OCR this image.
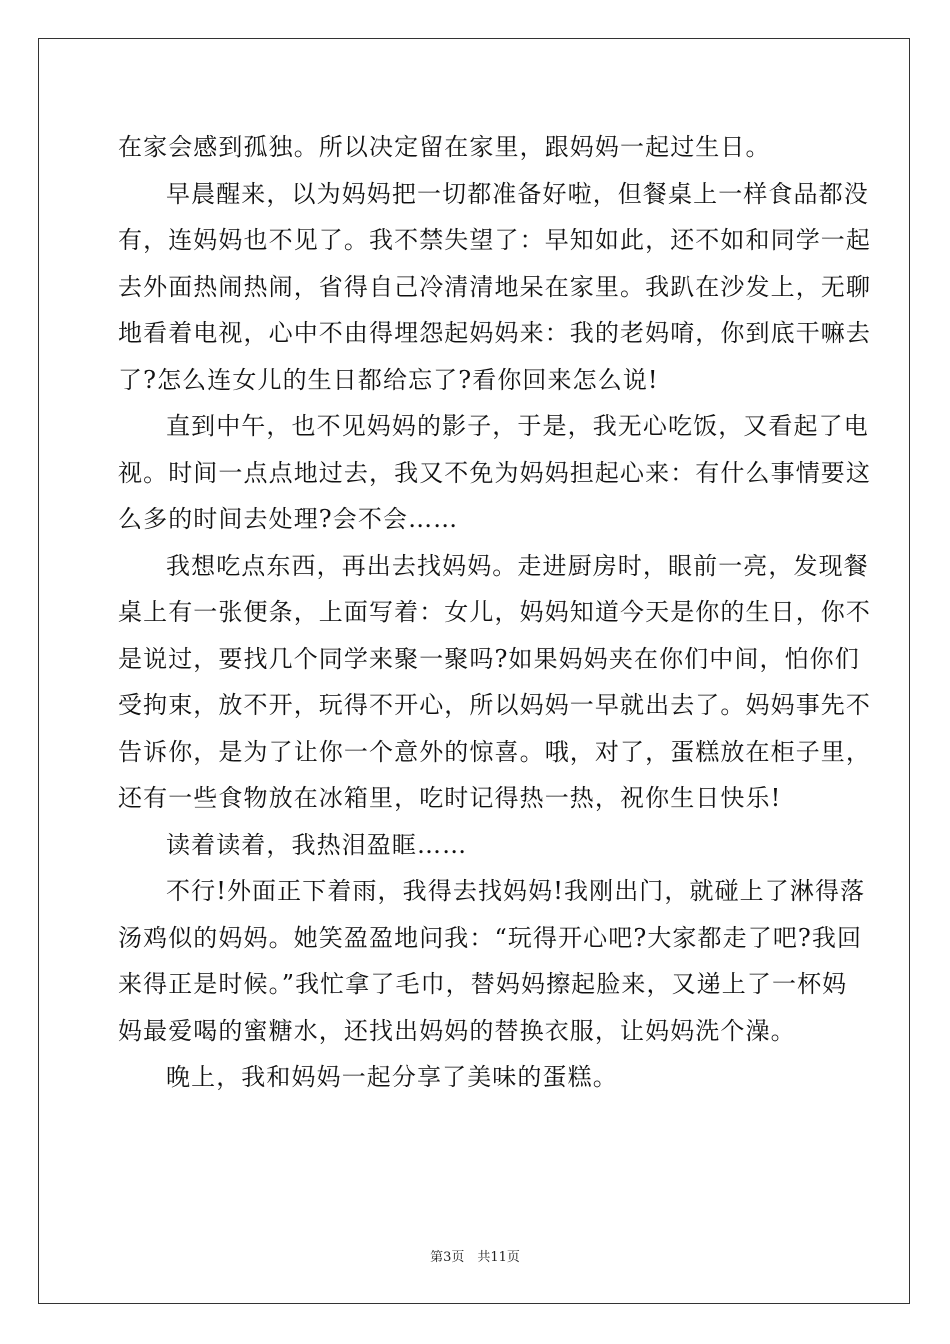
在家会感到孤独。所以决定留在家里，跟妈妈一起过生日。
早晨醒来，以为妈妈把一切都准备好啦，但餐桌上一样食品都没
有，连妈妈也不见了。我不禁失望了：早知如此，还不如和同学一起
去外面热闹热闹，省得自己冷清清地呆在家里。我趴在沙发上，无聊
地看着电视，心中不由得埋怨起妈妈来：我的老妈唷，你到底干嘛去
了?怎么连女儿的生日都给忘了?看你回来怎么说!
直到中午，也不见妈妈的影子，于是，我无心吃饭，又看起了电
视。时间一点点地过去，我又不免为妈妈担起心来：有什么事情要这
么多的时间去处理?会不会……
我想吃点东西，再出去找妈妈。走进厨房时，眼前一亮，发现餐
桌上有一张便条，上面写着：女儿，妈妈知道今天是你的生日，你不
是说过，要找几个同学来聚一聚吗?如果妈妈夹在你们中间，怕你们
受拘束，放不开，玩得不开心，所以妈妈一早就出去了。妈妈事先不
告诉你，是为了让你一个意外的惊喜。哦，对了，蛋糕放在柜子里，
还有一些食物放在冰箱里，吃时记得热一热，祝你生日快乐!
读着读着，我热泪盈眶……
不行!外面正下着雨，我得去找妈妈!我刚出门，就碰上了淋得落
汤鸡似的妈妈。她笑盈盈地问我：“玩得开心吧?大家都走了吧?我回
来得正是时候。”我忙拿了毛巾，替妈妈擦起脸来，又递上了一杯妈
妈最爱喝的蜜糖水，还找出妈妈的替换衣服，让妈妈洗个澡。
晚上，我和妈妈一起分享了美味的蛋糕。
第3页　共11页
